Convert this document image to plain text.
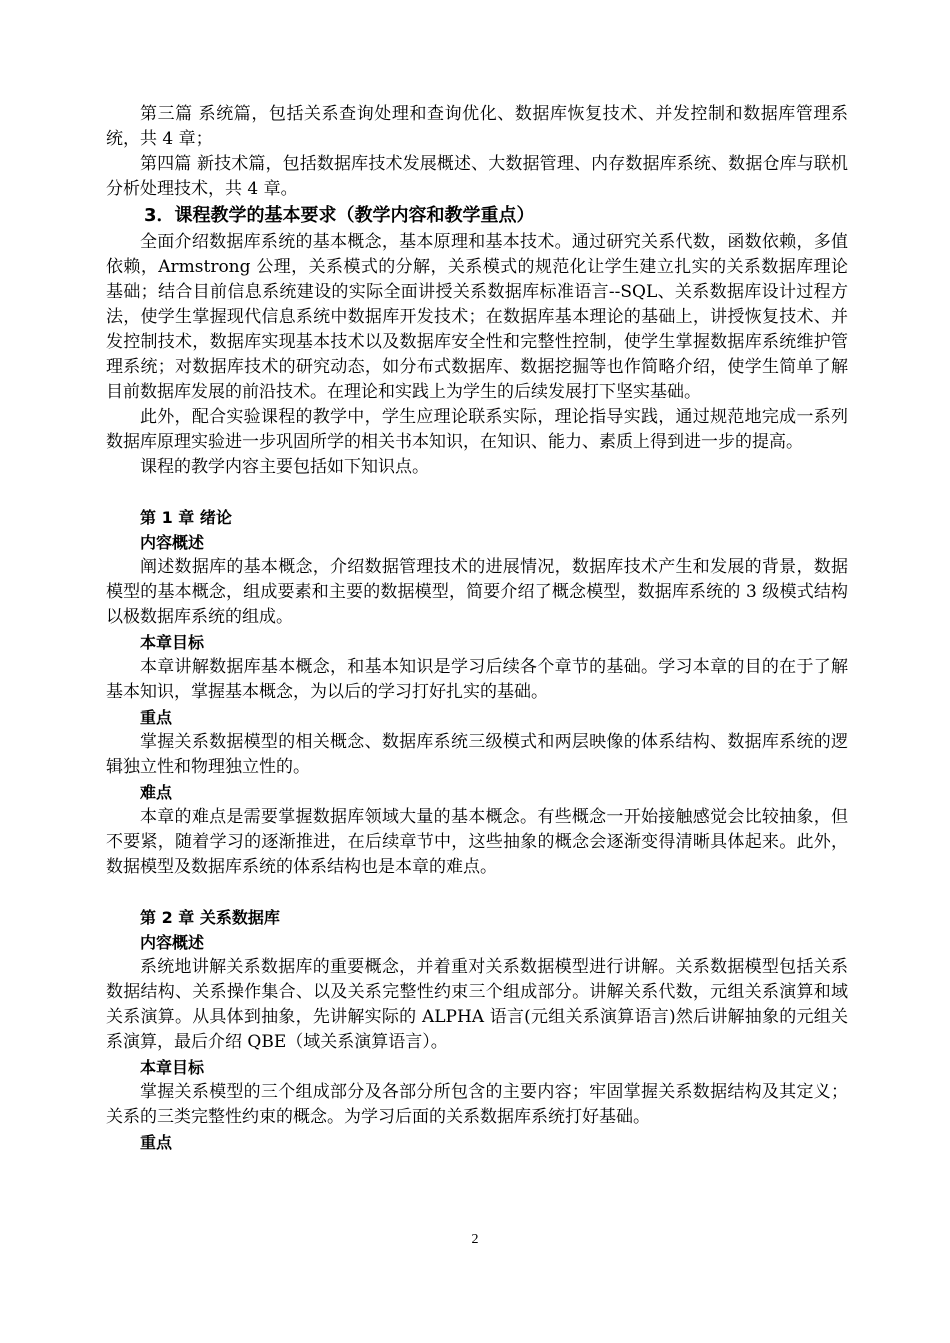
第三篇 系统篇，包括关系查询处理和查询优化、数据库恢复技术、并发控制和数据库管理系统，共 4 章；

第四篇 新技术篇，包括数据库技术发展概述、大数据管理、内存数据库系统、数据仓库与联机分析处理技术，共 4 章。

3．课程教学的基本要求（教学内容和教学重点）

全面介绍数据库系统的基本概念，基本原理和基本技术。通过研究关系代数，函数依赖，多值依赖，Armstrong 公理，关系模式的分解，关系模式的规范化让学生建立扎实的关系数据库理论基础；结合目前信息系统建设的实际全面讲授关系数据库标准语言--SQL、关系数据库设计过程方法，使学生掌握现代信息系统中数据库开发技术；在数据库基本理论的基础上，讲授恢复技术、并发控制技术，数据库实现基本技术以及数据库安全性和完整性控制，使学生掌握数据库系统维护管理系统；对数据库技术的研究动态，如分布式数据库、数据挖掘等也作简略介绍，使学生简单了解目前数据库发展的前沿技术。在理论和实践上为学生的后续发展打下坚实基础。

此外，配合实验课程的教学中，学生应理论联系实际，理论指导实践，通过规范地完成一系列数据库原理实验进一步巩固所学的相关书本知识，在知识、能力、素质上得到进一步的提高。

课程的教学内容主要包括如下知识点。

第 1 章 绪论
内容概述

阐述数据库的基本概念，介绍数据管理技术的进展情况，数据库技术产生和发展的背景，数据模型的基本概念，组成要素和主要的数据模型，简要介绍了概念模型，数据库系统的 3 级模式结构以极数据库系统的组成。

本章目标

本章讲解数据库基本概念，和基本知识是学习后续各个章节的基础。学习本章的目的在于了解基本知识，掌握基本概念，为以后的学习打好扎实的基础。

重点

掌握关系数据模型的相关概念、数据库系统三级模式和两层映像的体系结构、数据库系统的逻辑独立性和物理独立性的。

难点

本章的难点是需要掌握数据库领域大量的基本概念。有些概念一开始接触感觉会比较抽象，但不要紧，随着学习的逐渐推进，在后续章节中，这些抽象的概念会逐渐变得清晰具体起来。此外，数据模型及数据库系统的体系结构也是本章的难点。

第 2 章 关系数据库
内容概述

系统地讲解关系数据库的重要概念，并着重对关系数据模型进行讲解。关系数据模型包括关系数据结构、关系操作集合、以及关系完整性约束三个组成部分。讲解关系代数，元组关系演算和域关系演算。从具体到抽象，先讲解实际的 ALPHA 语言(元组关系演算语言)然后讲解抽象的元组关系演算，最后介绍 QBE（域关系演算语言）。

本章目标

掌握关系模型的三个组成部分及各部分所包含的主要内容；牢固掌握关系数据结构及其定义；关系的三类完整性约束的概念。为学习后面的关系数据库系统打好基础。

重点
2
